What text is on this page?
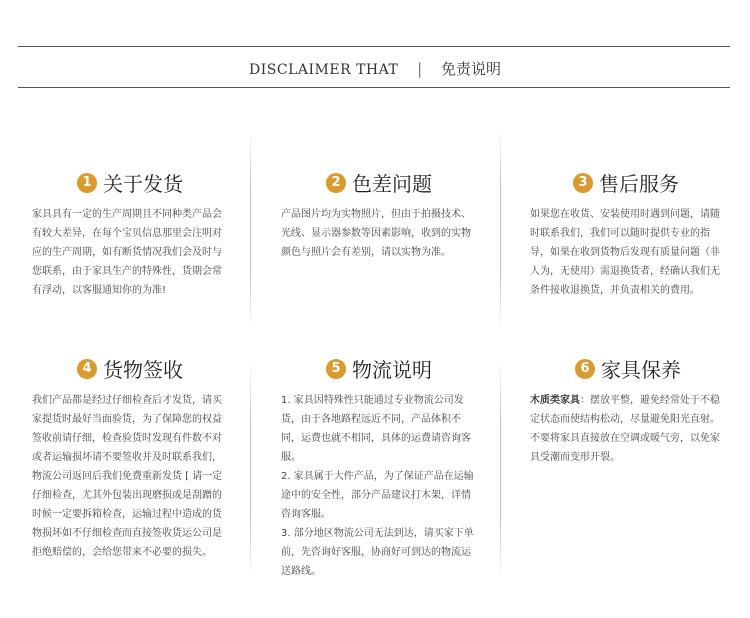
DISCLAIMER THAT | 免责说明
1 关于发货
家具具有一定的生产周期且不同种类产品会有较大差异，在每个宝贝信息那里会注明对应的生产周期，如有断货情况我们会及时与您联系，由于家具生产的特殊性，货期会常有浮动，以客服通知你的为准!
2 色差问题
产品图片均为实物照片，但由于拍摄技术、光线、显示器参数等因素影响，收到的实物颜色与照片会有差别，请以实物为准。
3 售后服务
如果您在收货、安装使用时遇到问题，请随时联系我们，我们可以随时提供专业的指导，如果在收到货物后发现有质量问题（非人为，无使用）需退换货者，经确认我们无条件接收退换货，并负责相关的费用。
4 货物签收
我们产品都是经过仔细检查后才发货，请买家提货时最好当面验货，为了保障您的权益签收前请仔细，检查验货时发现有件数不对或者运输损坏请不要签收并及时联系我们，物流公司返回后我们免费重新发货 [ 请一定仔细检查，尤其外包装出现磨损或是刮蹭的时候一定要拆箱检查，运输过程中造成的货物损坏如不仔细检查而直接签收货运公司是拒绝赔偿的，会给您带来不必要的损失。
5 物流说明

1. 家具因特殊性只能通过专业物流公司发货，由于各地路程远近不同，产品体积不同，运费也就不相同，具体的运费请咨询客服。

2. 家具属于大件产品，为了保证产品在运输途中的安全性，部分产品建议打木架，详情咨询客服。

3. 部分地区物流公司无法到达，请买家下单前，先咨询好客服，协商好可到达的物流运送路线。

6 家具保养
木质类家具：摆放平整，避免经常处于不稳定状态而使结构松动，尽量避免阳光直射。不要将家具直接放在空调或暖气旁，以免家具受潮而变形开裂。
